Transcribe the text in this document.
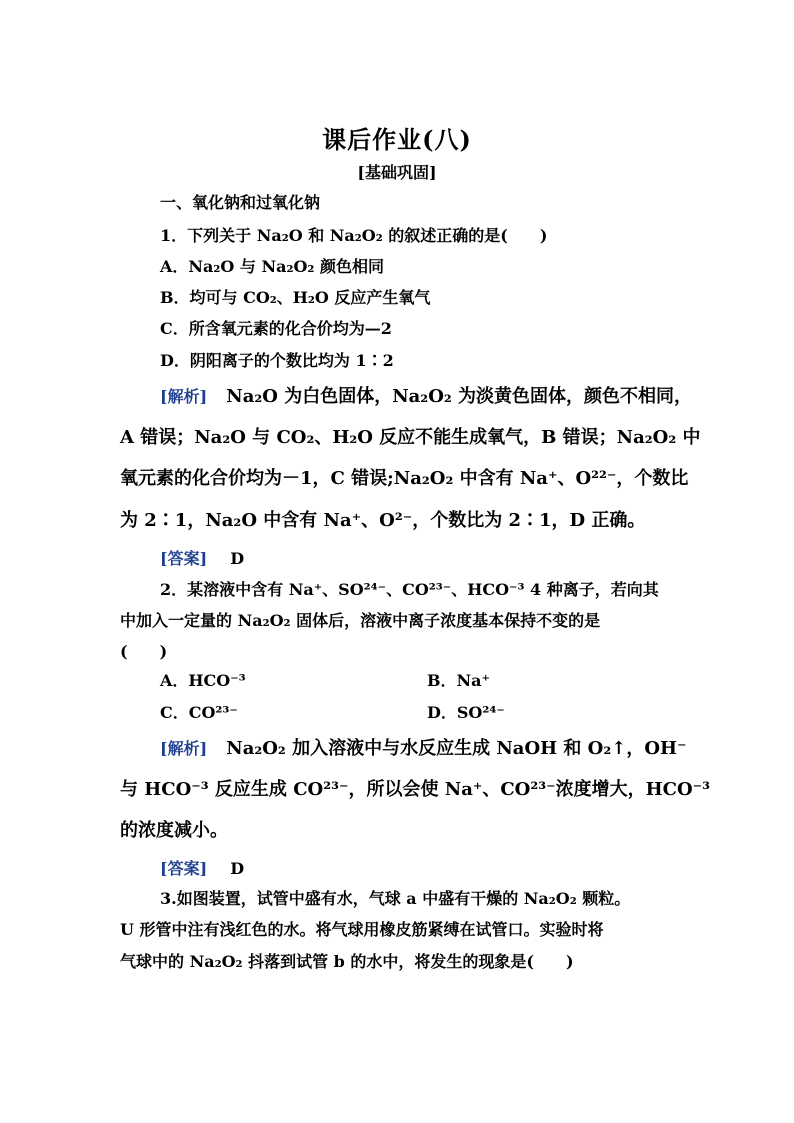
课后作业(八)
[基础巩固]
一、氧化钠和过氧化钠
1．下列关于 Na₂O 和 Na₂O₂ 的叙述正确的是(　　)
A．Na₂O 与 Na₂O₂ 颜色相同
B．均可与 CO₂、H₂O 反应产生氧气
C．所含氧元素的化合价均为—2
D．阴阳离子的个数比均为 1∶2
[解析] Na₂O 为白色固体，Na₂O₂ 为淡黄色固体，颜色不相同，
A 错误；Na₂O 与 CO₂、H₂O 反应不能生成氧气，B 错误；Na₂O₂ 中
氧元素的化合价均为－1，C 错误;Na₂O₂ 中含有 Na⁺、O²²⁻，个数比
为 2∶1，Na₂O 中含有 Na⁺、O²⁻，个数比为 2∶1，D 正确。
[答案] D
2．某溶液中含有 Na⁺、SO²⁴⁻、CO²³⁻、HCO⁻³ 4 种离子，若向其
中加入一定量的 Na₂O₂ 固体后，溶液中离子浓度基本保持不变的是
(　　)
A．HCO⁻³	B．Na⁺
C．CO²³⁻	D．SO²⁴⁻
[解析] Na₂O₂ 加入溶液中与水反应生成 NaOH 和 O₂↑，OH⁻
与 HCO⁻³ 反应生成 CO²³⁻，所以会使 Na⁺、CO²³⁻浓度增大，HCO⁻³
的浓度减小。
[答案] D
3.如图装置，试管中盛有水，气球 a 中盛有干燥的 Na₂O₂ 颗粒。
U 形管中注有浅红色的水。将气球用橡皮筋紧缚在试管口。实验时将
气球中的 Na₂O₂ 抖落到试管 b 的水中，将发生的现象是(　　)
